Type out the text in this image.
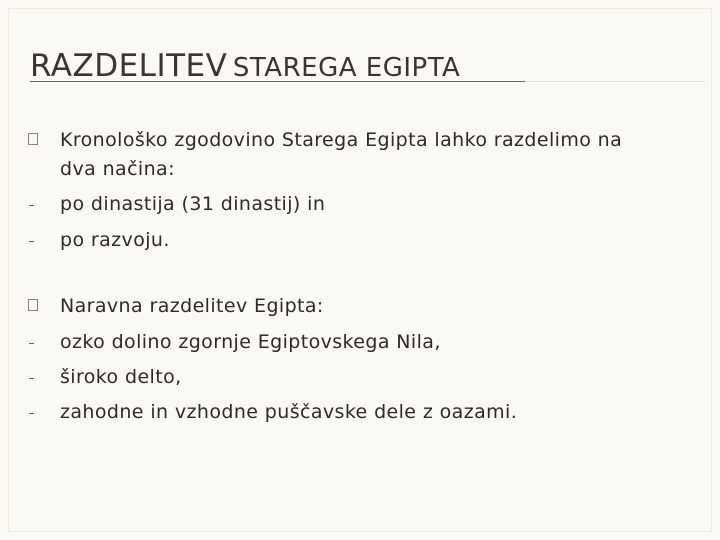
RAZDELITEV STAREGA EGIPTA
Kronološko zgodovino Starega Egipta lahko razdelimo na
dva načina:
po dinastija (31 dinastij) in
po razvoju.
Naravna razdelitev Egipta:
ozko dolino zgornje Egiptovskega Nila,
široko delto,
zahodne in vzhodne puščavske dele z oazami.
